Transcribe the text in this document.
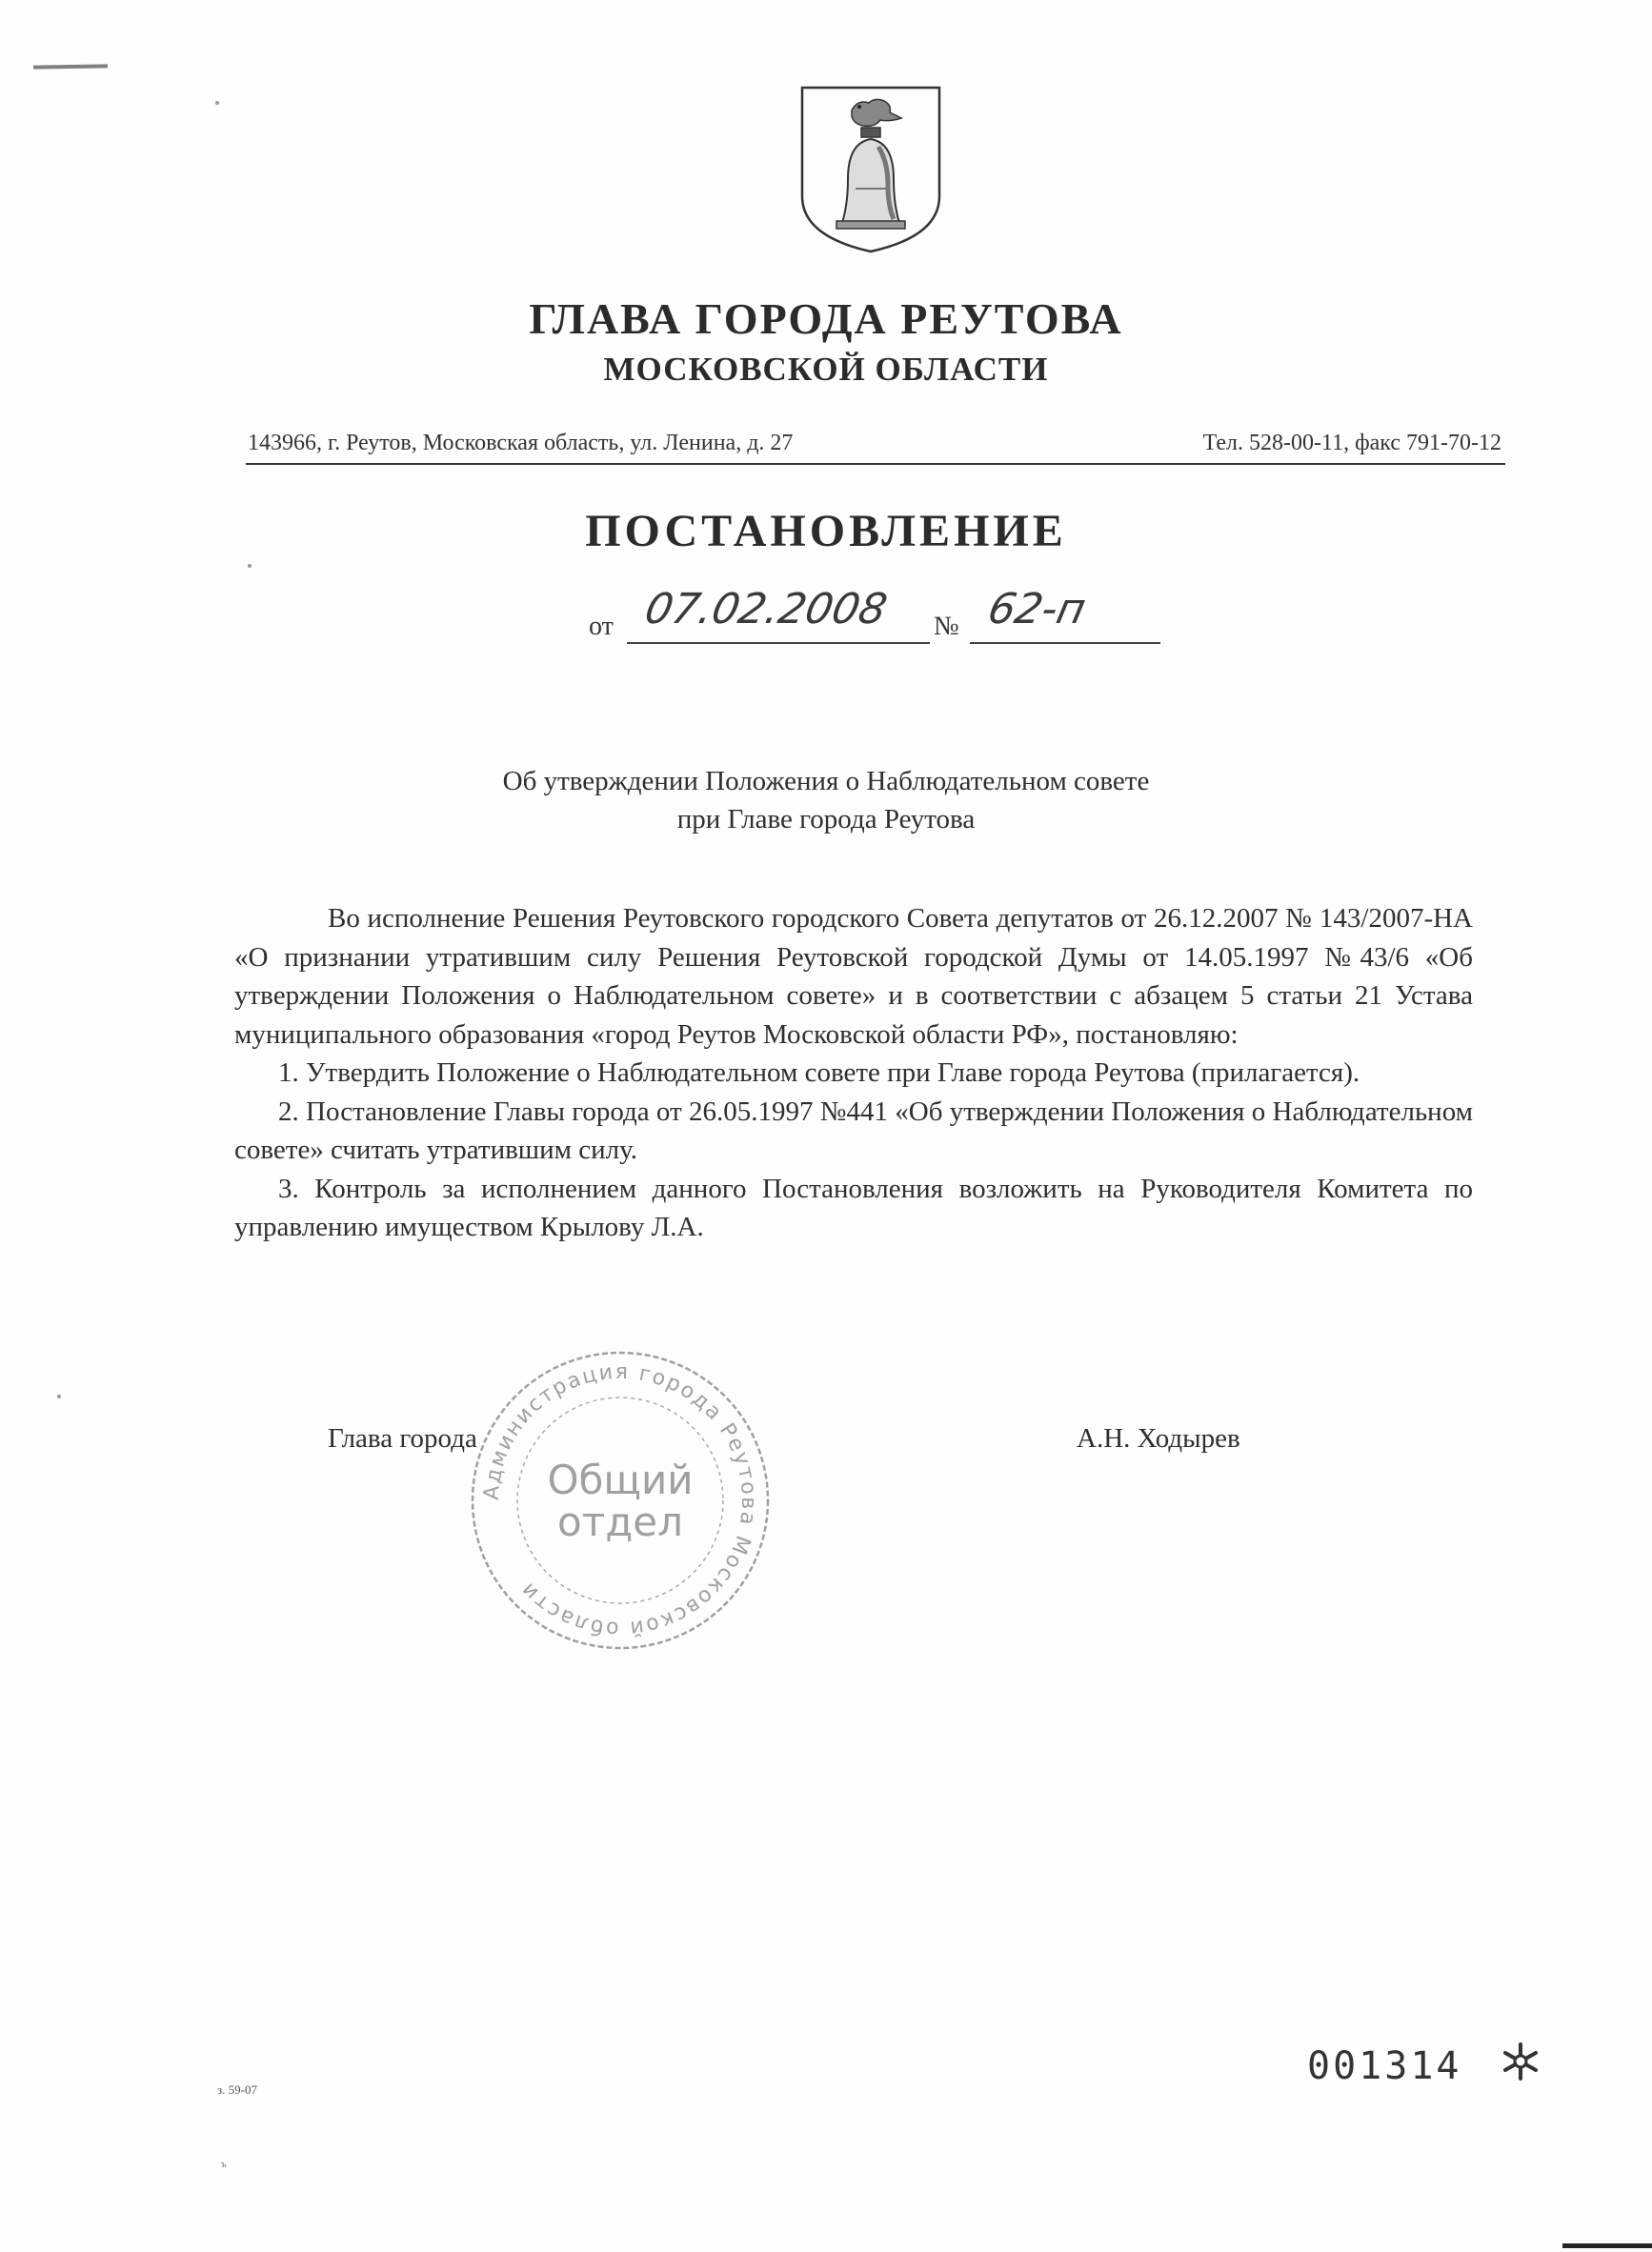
ГЛАВА ГОРОДА РЕУТОВА
МОСКОВСКОЙ ОБЛАСТИ
143966, г. Реутов, Московская область, ул. Ленина, д. 27	Тел. 528-00-11, факс 791-70-12
ПОСТАНОВЛЕНИЕ
от 07.02.2008 № 62-п
Об утверждении Положения о Наблюдательном совете
при Главе города Реутова

Во исполнение Решения Реутовского городского Совета депутатов от 26.12.2007 № 143/2007-НА «О признании утратившим силу Решения Реутовской городской Думы от 14.05.1997 №43/6 «Об утверждении Положения о Наблюдательном совете» и в соответствии с абзацем 5 статьи 21 Устава муниципального образования «город Реутов Московской области РФ», постановляю:

1. Утвердить Положение о Наблюдательном совете при Главе города Реутова (прилагается).

2. Постановление Главы города от 26.05.1997 №441 «Об утверждении Положения о Наблюдательном совете» считать утратившим силу.

3. Контроль за исполнением данного Постановления возложить на Руководителя Комитета по управлению имуществом Крылову Л.А.

Глава города	А.Н. Ходырев
Администрация города Реутова Московской области
Общий
отдел
з. 59-07
ъ
001314
